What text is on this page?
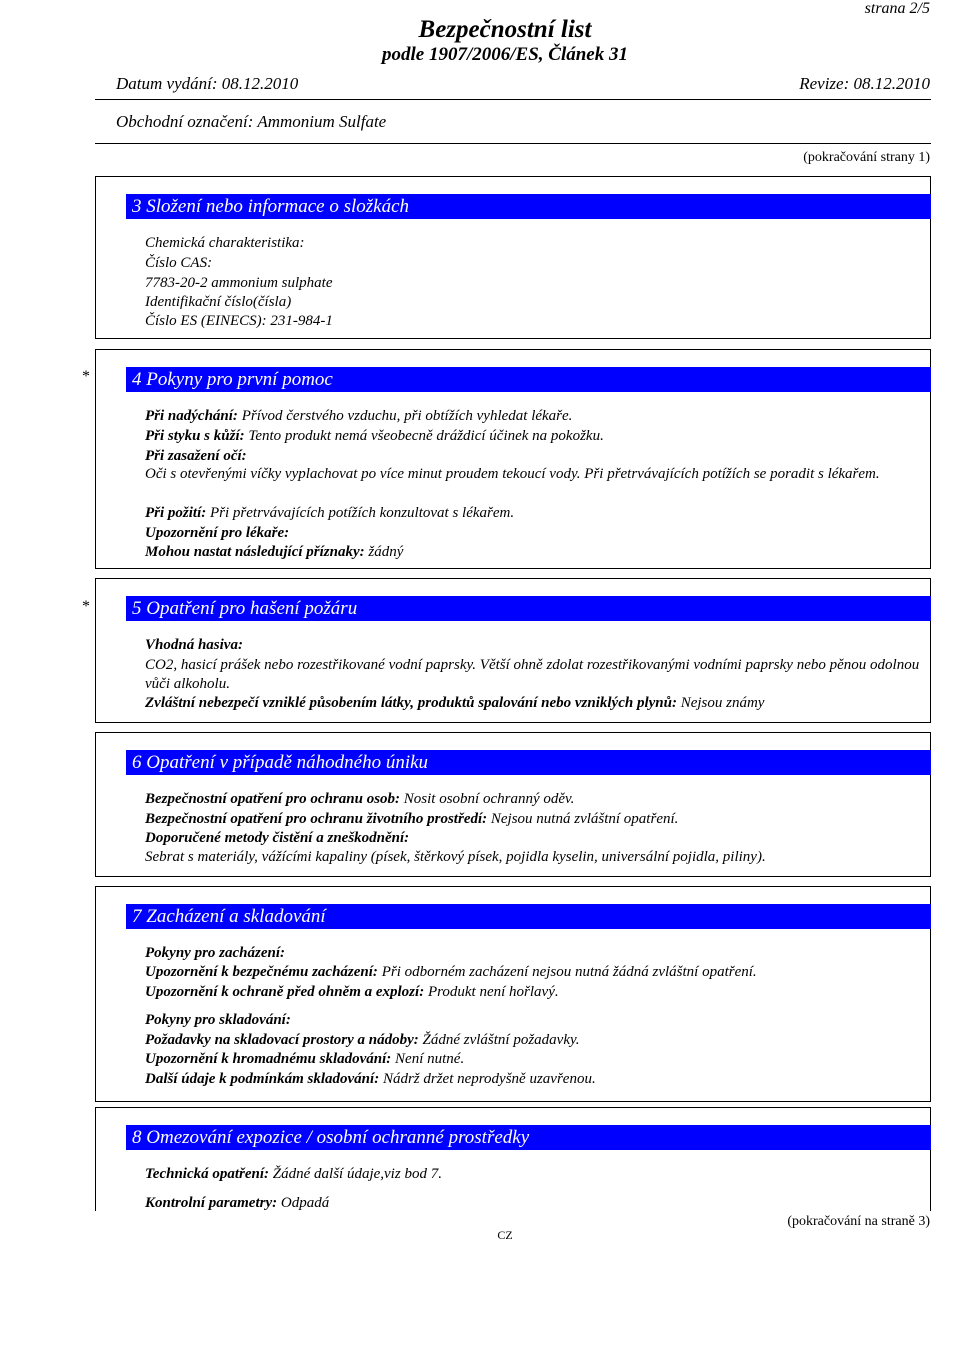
strana 2/5
Bezpečnostní list
podle 1907/2006/ES, Článek 31
Datum vydání: 08.12.2010	Revize: 08.12.2010
Obchodní označení: Ammonium Sulfate
(pokračování strany 1)
3 Složení nebo informace o složkách
Chemická charakteristika:
Číslo CAS:
7783-20-2 ammonium sulphate
Identifikační číslo(čísla)
Číslo ES (EINECS): 231-984-1
*	4 Pokyny pro první pomoc
Při nadýchání: Přívod čerstvého vzduchu, při obtížích vyhledat lékaře.
Při styku s kůží: Tento produkt nemá všeobecně dráždicí účinek na pokožku.
Při zasažení očí:
Oči s otevřenými víčky vyplachovat po více minut proudem tekoucí vody. Při přetrvávajících potížích se poradit s lékařem.
Při požití: Při přetrvávajících potížích konzultovat s lékařem.
Upozornění pro lékaře:
Mohou nastat následující příznaky: žádný
*	5 Opatření pro hašení požáru
Vhodná hasiva:
CO2, hasicí prášek nebo rozestřikované vodní paprsky. Větší ohně zdolat rozestřikovanými vodními paprsky nebo pěnou odolnou vůči alkoholu.
Zvláštní nebezpečí vzniklé působením látky, produktů spalování nebo vzniklých plynů: Nejsou známy
6 Opatření v případě náhodného úniku
Bezpečnostní opatření pro ochranu osob: Nosit osobní ochranný oděv.
Bezpečnostní opatření pro ochranu životního prostředí: Nejsou nutná zvláštní opatření.
Doporučené metody čistění a zneškodnění:
Sebrat s materiály, vážícími kapaliny (písek, štěrkový písek, pojidla kyselin, universální pojidla, piliny).
7 Zacházení a skladování
Pokyny pro zacházení:
Upozornění k bezpečnému zacházení: Při odborném zacházení nejsou nutná žádná zvláštní opatření.
Upozornění k ochraně před ohněm a explozí: Produkt není hořlavý.
Pokyny pro skladování:
Požadavky na skladovací prostory a nádoby: Žádné zvláštní požadavky.
Upozornění k hromadnému skladování: Není nutné.
Další údaje k podmínkám skladování: Nádrž držet neprodyšně uzavřenou.
8 Omezování expozice / osobní ochranné prostředky
Technická opatření: Žádné další údaje,viz bod 7.
Kontrolní parametry: Odpadá
(pokračování na straně 3)
CZ
